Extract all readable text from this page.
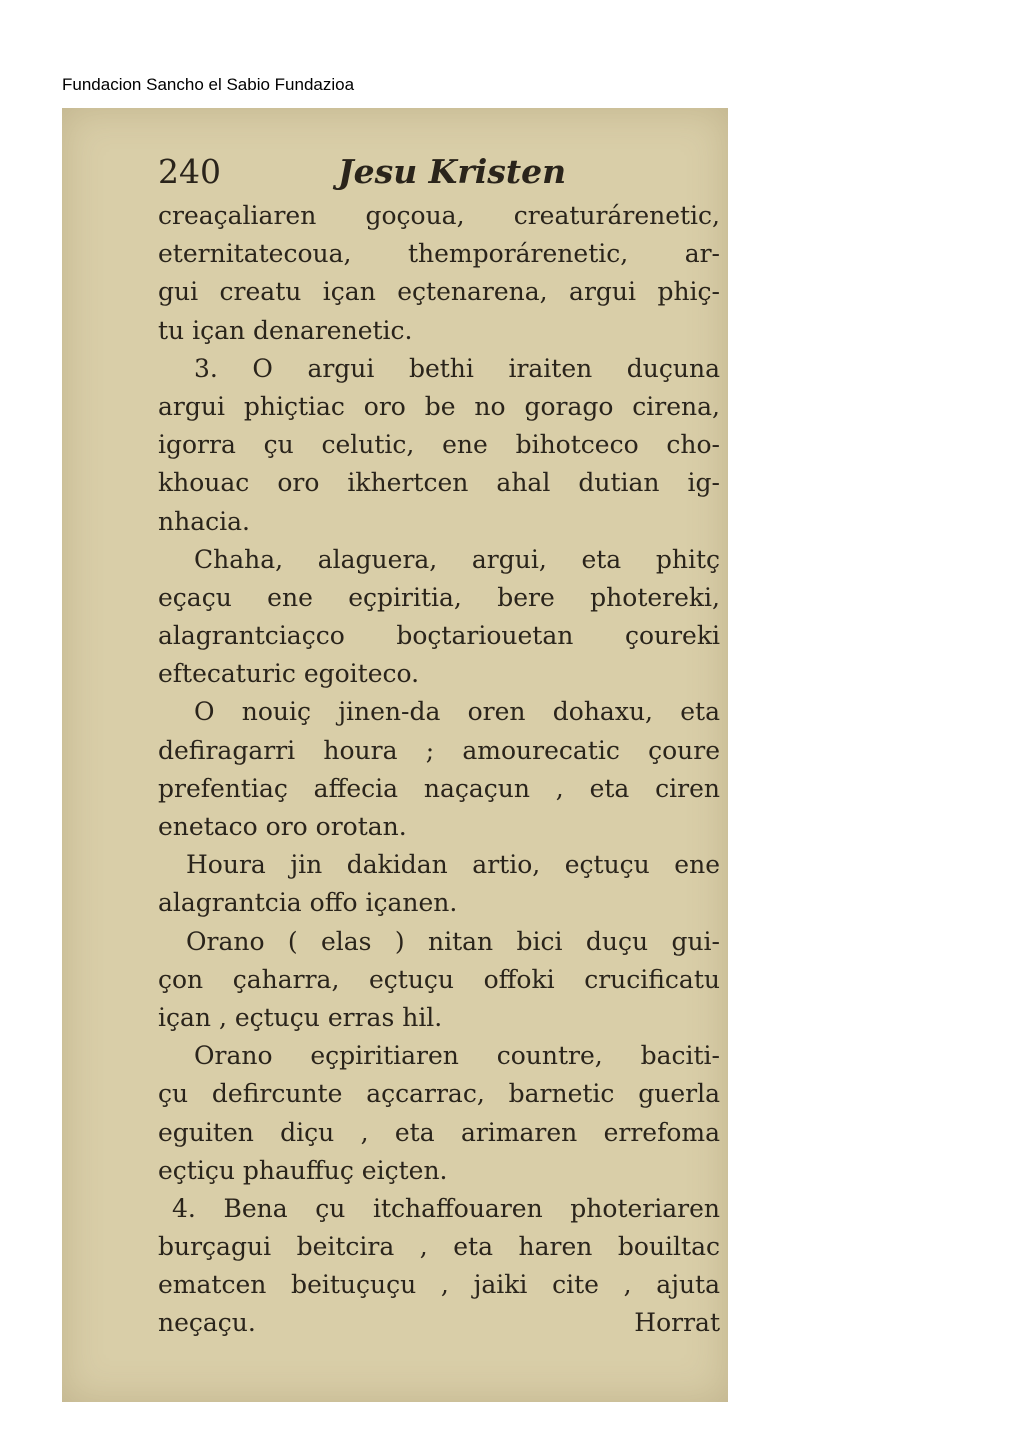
Fundacion Sancho el Sabio Fundazioa
240	Jesu Kristen
creaçaliaren goçoua, creaturárenetic,
eternitatecoua, themporárenetic, ar-
gui creatu içan eçtenarena, argui phiç-
tu içan denarenetic.
3. O argui bethi iraiten duçuna
argui phiçtiac oro be no gorago cirena,
igorra çu celutic, ene bihotceco cho-
khouac oro ikhertcen ahal dutian ig-
nhacia.
Chaha, alaguera, argui, eta phitç
eçaçu ene eçpiritia, bere photereki,
alagrantciaçco boçtariouetan çoureki
eftecaturic egoiteco.
O nouiç jinen-da oren dohaxu, eta
defiragarri houra ; amourecatic çoure
prefentiaç affecia naçaçun , eta ciren
enetaco oro orotan.
Houra jin dakidan artio, eçtuçu ene
alagrantcia offo içanen.
Orano ( elas ) nitan bici duçu gui-
çon çaharra, eçtuçu offoki crucificatu
içan , eçtuçu erras hil.
Orano eçpiritiaren countre, baciti-
çu defircunte açcarrac, barnetic guerla
eguiten diçu , eta arimaren errefoma
eçtiçu phauffuç eiçten.
4. Bena çu itchaffouaren photeriaren
burçagui beitcira , eta haren bouiltac
ematcen beituçuçu , jaiki cite , ajuta
neçaçu.	Horrat
